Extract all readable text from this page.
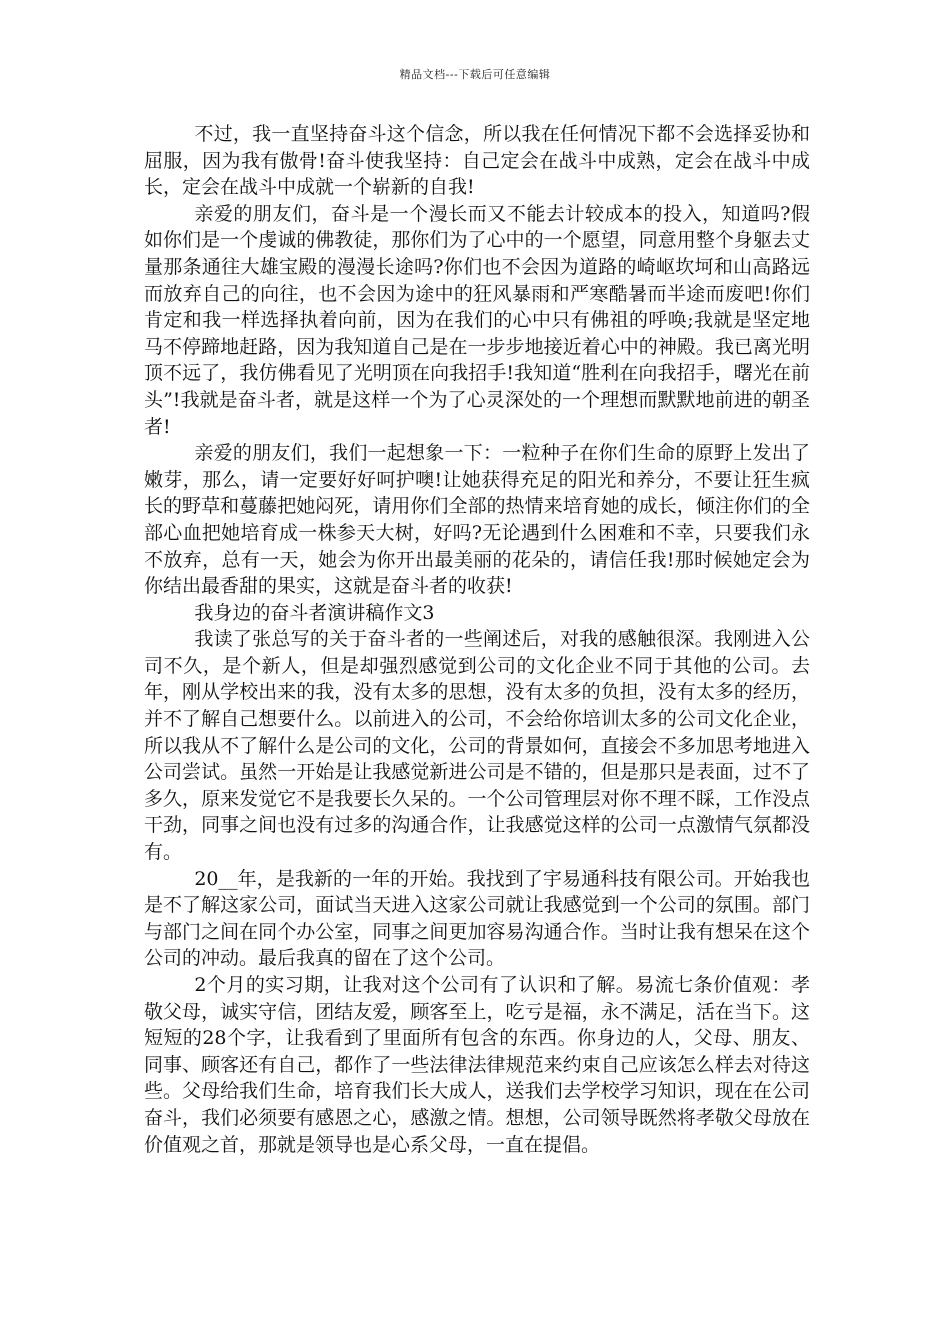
精品文档---下载后可任意编辑

不过，我一直坚持奋斗这个信念，所以我在任何情况下都不会选择妥协和屈服，因为我有傲骨!奋斗使我坚持：自己定会在战斗中成熟，定会在战斗中成长，定会在战斗中成就一个崭新的自我!

亲爱的朋友们，奋斗是一个漫长而又不能去计较成本的投入，知道吗?假如你们是一个虔诚的佛教徒，那你们为了心中的一个愿望，同意用整个身躯去丈量那条通往大雄宝殿的漫漫长途吗?你们也不会因为道路的崎岖坎坷和山高路远而放弃自己的向往，也不会因为途中的狂风暴雨和严寒酷暑而半途而废吧!你们肯定和我一样选择执着向前，因为在我们的心中只有佛祖的呼唤;我就是坚定地马不停蹄地赶路，因为我知道自己是在一步步地接近着心中的神殿。我已离光明顶不远了，我仿佛看见了光明顶在向我招手!我知道“胜利在向我招手，曙光在前头”!我就是奋斗者，就是这样一个为了心灵深处的一个理想而默默地前进的朝圣者!

亲爱的朋友们，我们一起想象一下：一粒种子在你们生命的原野上发出了嫩芽，那么，请一定要好好呵护噢!让她获得充足的阳光和养分，不要让狂生疯长的野草和蔓藤把她闷死，请用你们全部的热情来培育她的成长，倾注你们的全部心血把她培育成一株参天大树，好吗?无论遇到什么困难和不幸，只要我们永不放弃，总有一天，她会为你开出最美丽的花朵的，请信任我!那时候她定会为你结出最香甜的果实，这就是奋斗者的收获!

我身边的奋斗者演讲稿作文3

我读了张总写的关于奋斗者的一些阐述后，对我的感触很深。我刚进入公司不久，是个新人，但是却强烈感觉到公司的文化企业不同于其他的公司。去年，刚从学校出来的我，没有太多的思想，没有太多的负担，没有太多的经历，并不了解自己想要什么。以前进入的公司，不会给你培训太多的公司文化企业，所以我从不了解什么是公司的文化，公司的背景如何，直接会不多加思考地进入公司尝试。虽然一开始是让我感觉新进公司是不错的，但是那只是表面，过不了多久，原来发觉它不是我要长久呆的。一个公司管理层对你不理不睬，工作没点干劲，同事之间也没有过多的沟通合作，让我感觉这样的公司一点激情气氛都没有。

20__年，是我新的一年的开始。我找到了宇易通科技有限公司。开始我也是不了解这家公司，面试当天进入这家公司就让我感觉到一个公司的氛围。部门与部门之间在同个办公室，同事之间更加容易沟通合作。当时让我有想呆在这个公司的冲动。最后我真的留在了这个公司。

2个月的实习期，让我对这个公司有了认识和了解。易流七条价值观：孝敬父母，诚实守信，团结友爱，顾客至上，吃亏是福，永不满足，活在当下。这短短的28个字，让我看到了里面所有包含的东西。你身边的人，父母、朋友、同事、顾客还有自己，都作了一些法律法律规范来约束自己应该怎么样去对待这些。父母给我们生命，培育我们长大成人，送我们去学校学习知识，现在在公司奋斗，我们必须要有感恩之心，感激之情。想想，公司领导既然将孝敬父母放在价值观之首，那就是领导也是心系父母，一直在提倡。
